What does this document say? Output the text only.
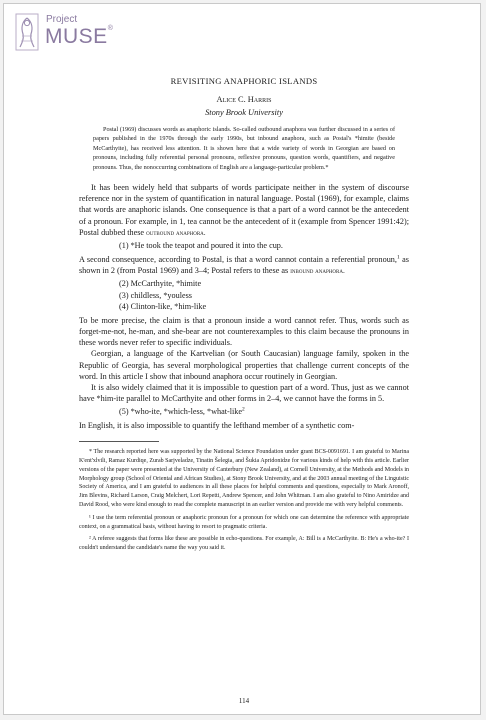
Project
MUSE®
REVISITING ANAPHORIC ISLANDS
Alice C. Harris
Stony Brook University
Postal (1969) discusses words as anaphoric islands. So-called outbound anaphora was further discussed in a series of papers published in the 1970s through the early 1990s, but inbound anaphora, such as Postal's *himite (beside McCarthyite), has received less attention. It is shown here that a wide variety of words in Georgian are based on pronouns, including fully referential personal pronouns, reflexive pronouns, question words, quantifiers, and negative pronouns. Thus, the nonoccurring combinations of English are a language-particular problem.*

It has been widely held that subparts of words participate neither in the system of discourse reference nor in the system of quantification in natural language. Postal (1969), for example, claims that words are anaphoric islands. One consequence is that a part of a word cannot be the antecedent of a pronoun. For example, in 1, tea cannot be the antecedent of it (example from Spencer 1991:42); Postal dubbed these outbound anaphora.

(1) *He took the teapot and poured it into the cup.

A second consequence, according to Postal, is that a word cannot contain a referential pronoun,$^1$ as shown in 2 (from Postal 1969) and 3–4; Postal refers to these as inbound anaphora.

(2) McCarthyite, *himite
(3) childless, *youless
(4) Clinton-like, *him-like

To be more precise, the claim is that a pronoun inside a word cannot refer. Thus, words such as forget-me-not, he-man, and she-bear are not counterexamples to this claim because the pronouns in these words never refer to specific individuals.

Georgian, a language of the Kartvelian (or South Caucasian) language family, spoken in the Republic of Georgia, has several morphological properties that challenge current concepts of the word. In this article I show that inbound anaphora occur routinely in Georgian.

It is also widely claimed that it is impossible to question part of a word. Thus, just as we cannot have *him-ite parallel to McCarthyite and other forms in 2–4, we cannot have the forms in 5.

(5) *who-ite, *which-less, *what-like$^2$

In English, it is also impossible to quantify the lefthand member of a synthetic com-

* The research reported here was supported by the National Science Foundation under grant BCS-0091691. I am grateful to Marina K'ent'xlvili, Ramaz Kurdiqe, Zurab Sarjveladze, Tinatin Šelegia, and Šukia Apridonidze for various kinds of help with this article. Earlier versions of the paper were presented at the University of Canterbury (New Zealand), at Cornell University, at the Methods and Models in Morphology group (School of Oriental and African Studies), at Stony Brook University, and at the 2003 annual meeting of the Linguistic Society of America, and I am grateful to audiences in all these places for helpful comments and questions, especially to Mark Aronoff, Jim Blevins, Richard Larson, Craig Melchert, Lori Repetti, Andrew Spencer, and John Whitman. I am also grateful to Nino Amiridze and David Rood, who were kind enough to read the complete manuscript in an earlier version and provide me with very helpful comments.

¹ I use the term referential pronoun or anaphoric pronoun for a pronoun for which one can determine the reference with appropriate context, on a grammatical basis, without having to resort to pragmatic criteria.

² A referee suggests that forms like these are possible in echo-questions. For example, A: Bill is a McCarthyite. B: He's a who-ite? I couldn't understand the candidate's name the way you said it.

114
